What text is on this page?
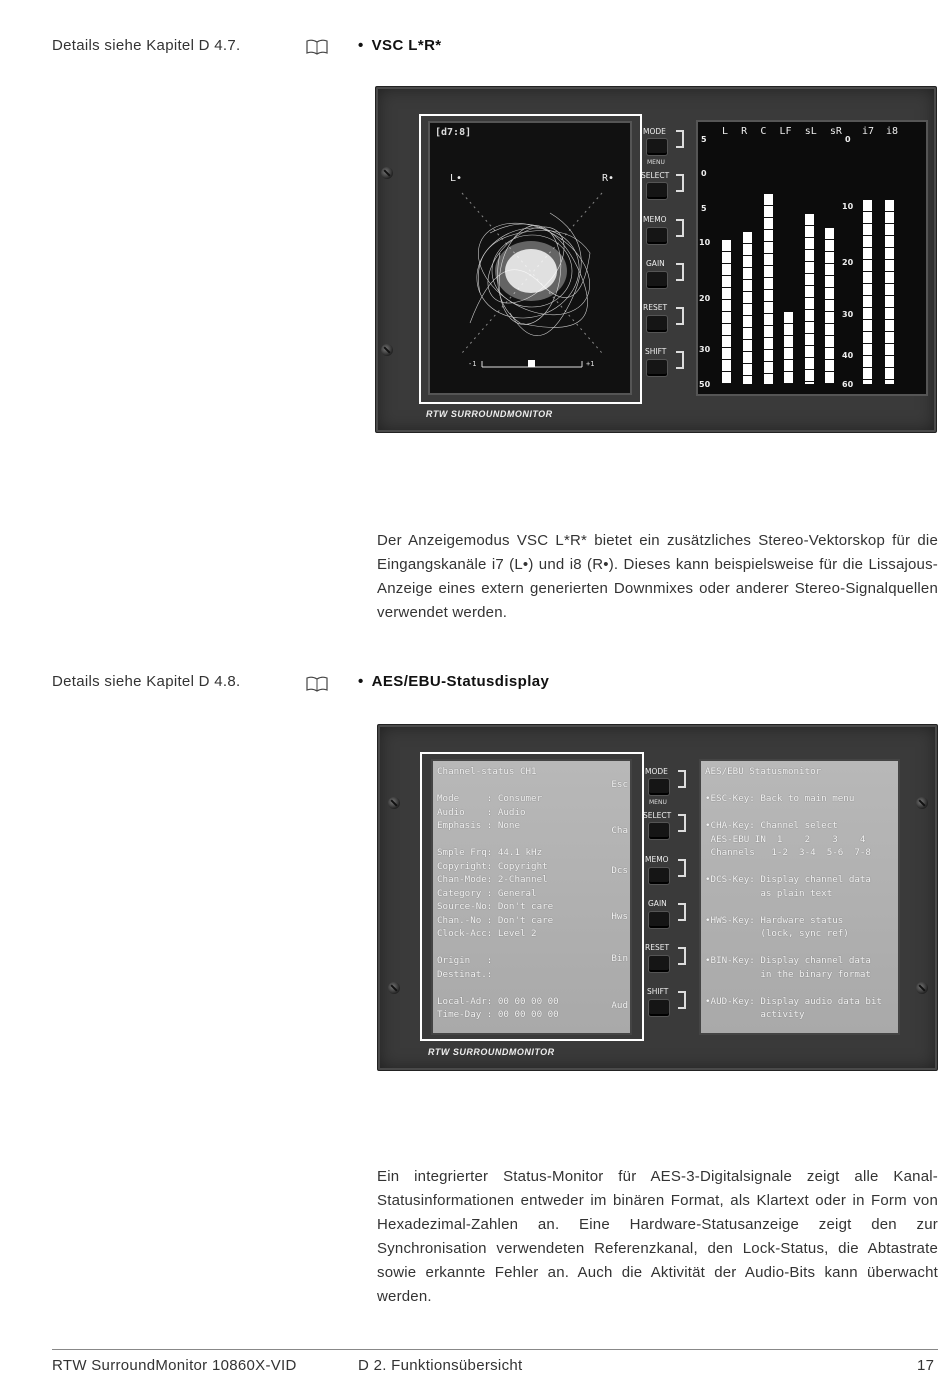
Details siehe Kapitel D 4.7.	• VSC L*R*
[d7:8]
L•	R•
-1	+1
MODE
MENU
SELECT
MEMO
GAIN
RESET
SHIFT
L R C LF sL sR i7 i8
5
0
5
10
20
30
50
0
10
20
30
40
60
RTW SURROUNDMONITOR
Der Anzeigemodus VSC L*R* bietet ein zusätzliches Stereo-Vektorskop für die Eingangskanäle i7 (L•) und i8 (R•). Dieses kann beispielsweise für die Lissajous-Anzeige eines extern generierten Downmixes oder anderer Stereo-Signalquellen verwendet werden.
Details siehe Kapitel D 4.8.	• AES/EBU-Statusdisplay

Channel-status CH1
Mode     : Consumer
Audio    : Audio
Emphasis : None
Smple Frq: 44.1 kHz
Copyright: Copyright
Chan-Mode: 2-Channel
Category : General
Source-No: Don't care
Chan.-No : Don't care
Clock-Acc: Level 2
Origin   :
Destinat.:
Local-Adr: 00 00 00 00
Time-Day : 00 00 00 00

Esc

Cha

Dcs

Hws

Bin

Aud

MODE
MENU
SELECT
MEMO
GAIN
RESET
SHIFT

AES/EBU Statusmonitor
•ESC-Key: Back to main menu
•CHA-Key: Channel select
AES-EBU IN  1    2    3    4
Channels   1-2  3-4  5-6  7-8
•DCS-Key: Display channel data
as plain text
•HWS-Key: Hardware status
(lock, sync ref)
•BIN-Key: Display channel data
in the binary format
•AUD-Key: Display audio data bit
activity

RTW SURROUNDMONITOR
Ein integrierter Status-Monitor für AES-3-Digitalsignale zeigt alle Kanal-Statusinformationen entweder im binären Format, als Klartext oder in Form von Hexadezimal-Zahlen an. Eine Hardware-Statusanzeige zeigt den zur Synchronisation verwendeten Referenzkanal, den Lock-Status, die Abtastrate sowie erkannte Fehler an. Auch die Aktivität der Audio-Bits kann überwacht werden.
RTW SurroundMonitor 10860X-VID	D 2. Funktionsübersicht	17
